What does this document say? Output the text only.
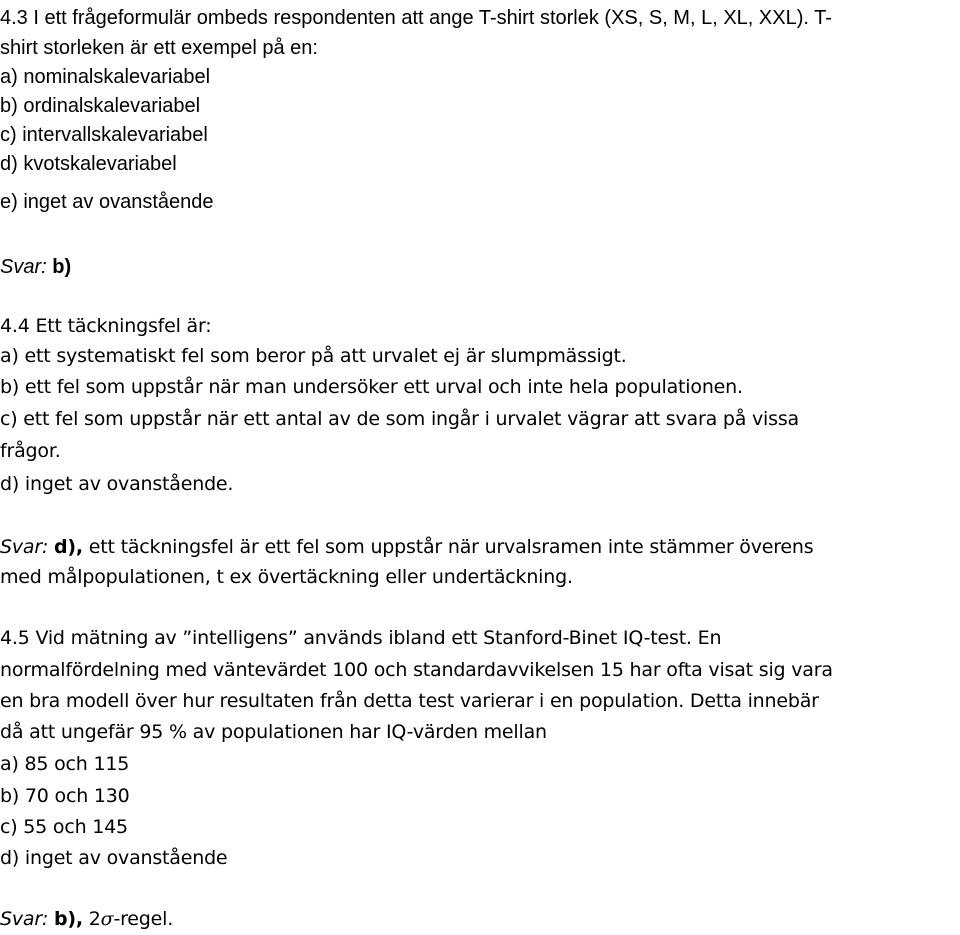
4.3 I ett frågeformulär ombeds respondenten att ange T-shirt storlek (XS, S, M, L, XL, XXL). T-
shirt storleken är ett exempel på en:
a) nominalskalevariabel
b) ordinalskalevariabel
c) intervallskalevariabel
d) kvotskalevariabel
e) inget av ovanstående
Svar: b)
4.4 Ett täckningsfel är:
a) ett systematiskt fel som beror på att urvalet ej är slumpmässigt.
b) ett fel som uppstår när man undersöker ett urval och inte hela populationen.
c) ett fel som uppstår när ett antal av de som ingår i urvalet vägrar att svara på vissa
frågor.
d) inget av ovanstående.
Svar: d), ett täckningsfel är ett fel som uppstår när urvalsramen inte stämmer överens
med målpopulationen, t ex övertäckning eller undertäckning.
4.5 Vid mätning av ”intelligens” används ibland ett Stanford-Binet IQ-test. En
normalfördelning med väntevärdet 100 och standardavvikelsen 15 har ofta visat sig vara
en bra modell över hur resultaten från detta test varierar i en population. Detta innebär
då att ungefär 95 % av populationen har IQ-värden mellan
a) 85 och 115
b) 70 och 130
c) 55 och 145
d) inget av ovanstående
Svar: b), 2σ-regel.
